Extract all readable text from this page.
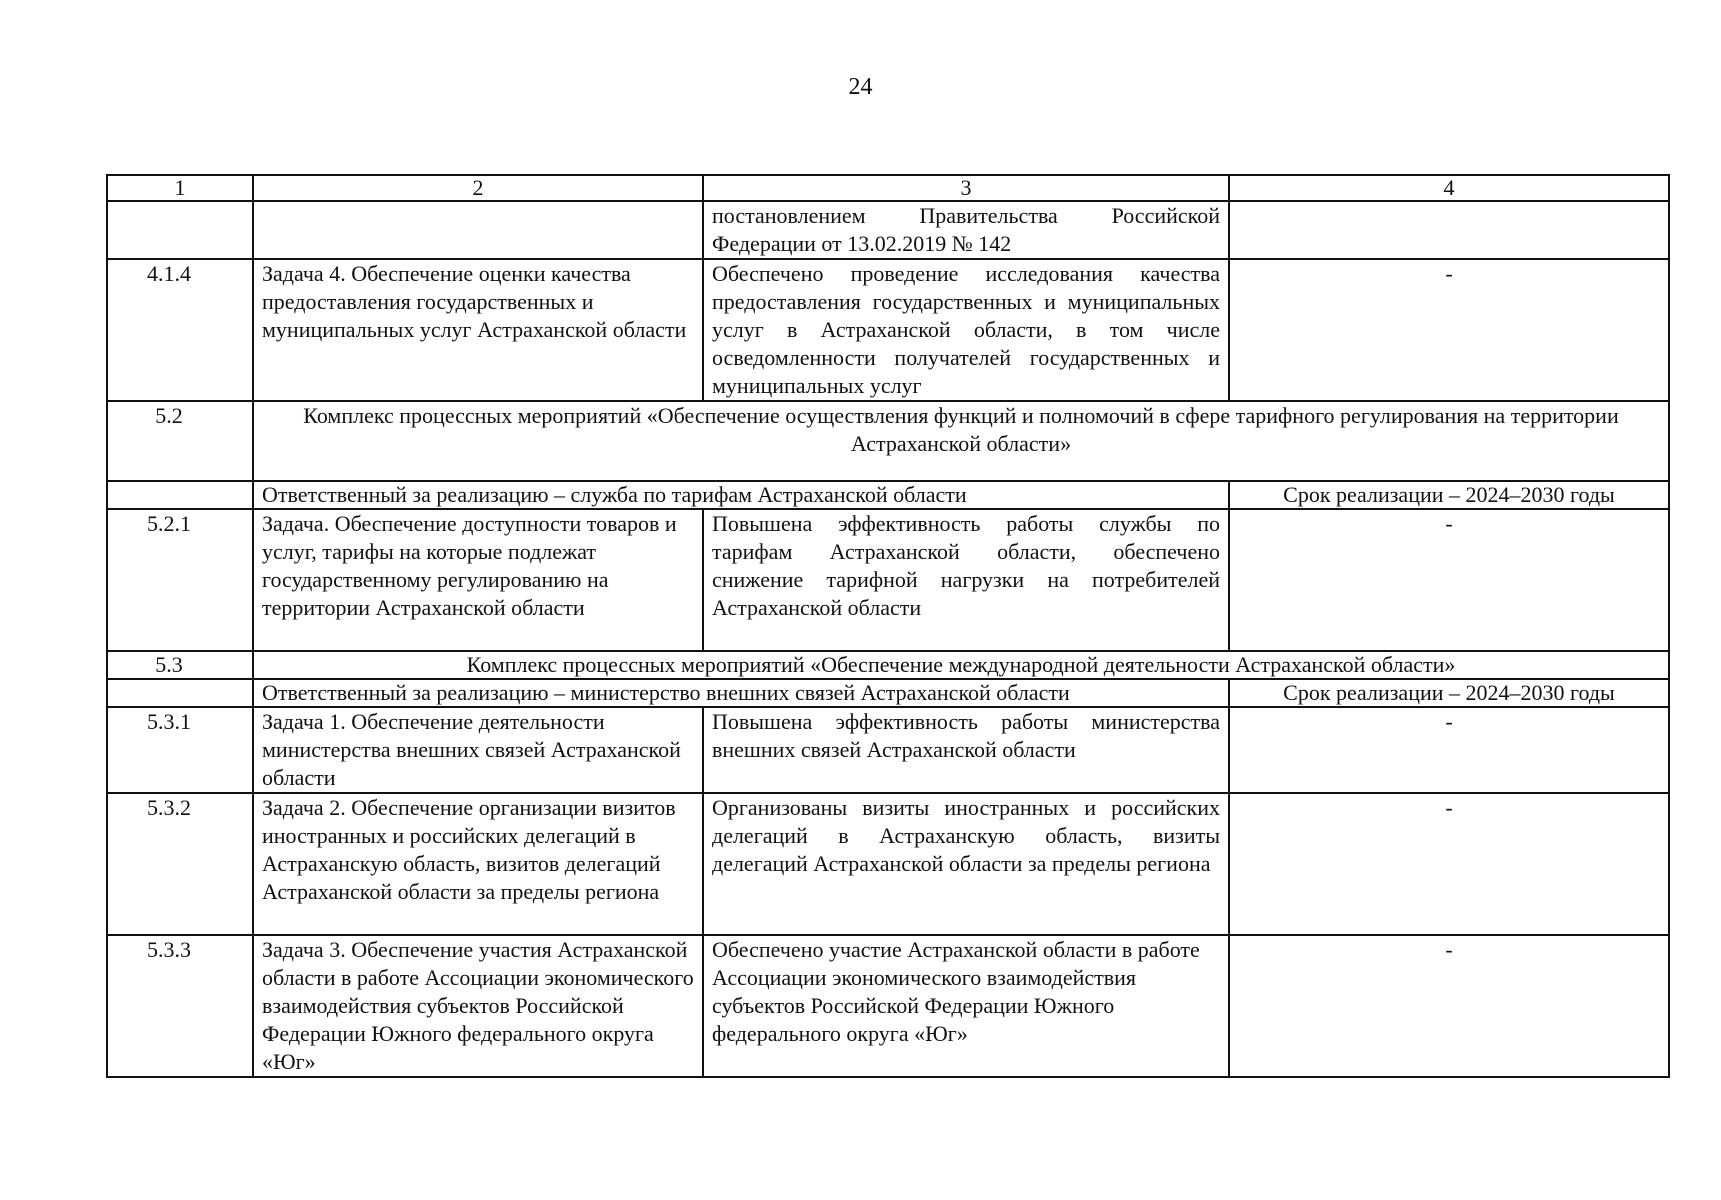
24
1	2	3	4
		постановлением Правительства Российской Федерации от 13.02.2019 № 142	
4.1.4	Задача 4. Обеспечение оценки качества предоставления государственных и муниципальных услуг Астраханской области	Обеспечено проведение исследования качества предоставления государственных и муниципальных услуг в Астраханской области, в том числе осведомленности получателей государственных и муниципальных услуг	-
5.2	Комплекс процессных мероприятий «Обеспечение осуществления функций и полномочий в сфере тарифного регулирования на территории Астраханской области»		
	Ответственный за реализацию – служба по тарифам Астраханской области		Срок реализации – 2024–2030 годы
5.2.1	Задача. Обеспечение доступности товаров и услуг, тарифы на которые подлежат государственному регулированию на территории Астраханской области	Повышена эффективность работы службы по тарифам Астраханской области, обеспечено снижение тарифной нагрузки на потребителей Астраханской области	-
5.3	Комплекс процессных мероприятий «Обеспечение международной деятельности Астраханской области»		
	Ответственный за реализацию – министерство внешних связей Астраханской области		Срок реализации – 2024–2030 годы
5.3.1	Задача 1. Обеспечение деятельности министерства внешних связей Астраханской области	Повышена эффективность работы министерства внешних связей Астраханской области	-
5.3.2	Задача 2. Обеспечение организации визитов иностранных и российских делегаций в Астраханскую область, визитов делегаций Астраханской области за пределы региона	Организованы визиты иностранных и российских делегаций в Астраханскую область, визиты делегаций Астраханской области за пределы региона	-
5.3.3	Задача 3. Обеспечение участия Астраханской области в работе Ассоциации экономического взаимодействия субъектов Российской Федерации Южного федерального округа «Юг»	Обеспечено участие Астраханской области в работе Ассоциации экономического взаимодействия субъектов Российской Федерации Южного федерального округа «Юг»	-
